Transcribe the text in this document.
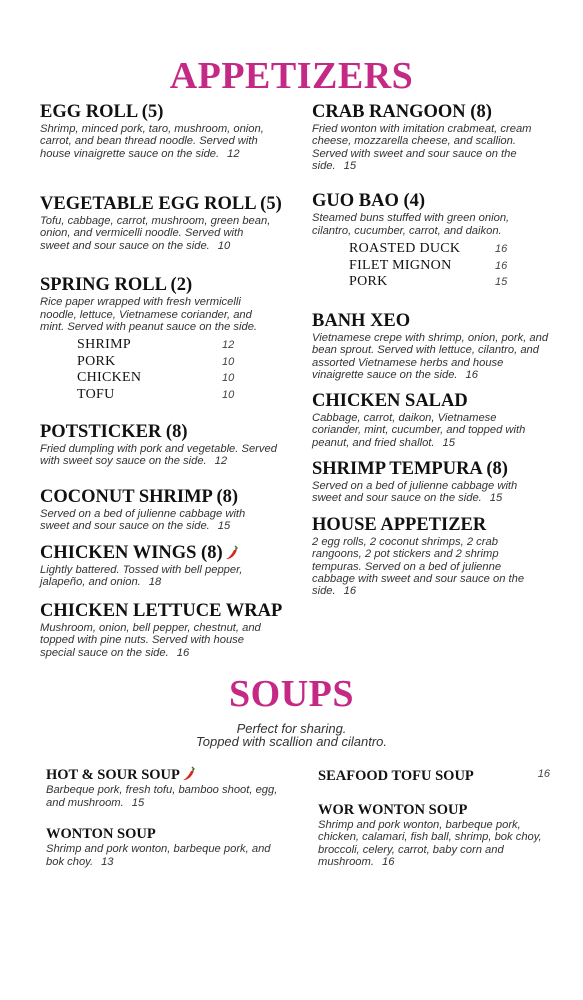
APPETIZERS
EGG ROLL (5)
Shrimp, minced pork, taro, mushroom, onion, carrot, and bean thread noodle. Served with house vinaigrette sauce on the side. 12
VEGETABLE EGG ROLL (5)
Tofu, cabbage, carrot, mushroom, green bean, onion, and vermicelli noodle. Served with sweet and sour sauce on the side. 10
SPRING ROLL (2)
Rice paper wrapped with fresh vermicelli noodle, lettuce, Vietnamese coriander, and mint. Served with peanut sauce on the side.
SHRIMP	12
PORK	10
CHICKEN	10
TOFU	10
POTSTICKER (8)
Fried dumpling with pork and vegetable. Served with sweet soy sauce on the side. 12
COCONUT SHRIMP (8)
Served on a bed of julienne cabbage with sweet and sour sauce on the side. 15
CHICKEN WINGS (8)
Lightly battered. Tossed with bell pepper, jalapeño, and onion. 18
CHICKEN LETTUCE WRAP
Mushroom, onion, bell pepper, chestnut, and topped with pine nuts. Served with house special sauce on the side. 16
CRAB RANGOON (8)
Fried wonton with imitation crabmeat, cream cheese, mozzarella cheese, and scallion. Served with sweet and sour sauce on the side. 15
GUO BAO (4)
Steamed buns stuffed with green onion, cilantro, cucumber, carrot, and daikon.
ROASTED DUCK	16
FILET MIGNON	16
PORK	15
BANH XEO
Vietnamese crepe with shrimp, onion, pork, and bean sprout. Served with lettuce, cilantro, and assorted Vietnamese herbs and house vinaigrette sauce on the side. 16
CHICKEN SALAD
Cabbage, carrot, daikon, Vietnamese coriander, mint, cucumber, and topped with peanut, and fried shallot. 15
SHRIMP TEMPURA (8)
Served on a bed of julienne cabbage with sweet and sour sauce on the side. 15
HOUSE APPETIZER
2 egg rolls, 2 coconut shrimps, 2 crab rangoons, 2 pot stickers and 2 shrimp tempuras. Served on a bed of julienne cabbage with sweet and sour sauce on the side. 16
SOUPS
Perfect for sharing.
Topped with scallion and cilantro.
HOT & SOUR SOUP
Barbeque pork, fresh tofu, bamboo shoot, egg, and mushroom. 15
WONTON SOUP
Shrimp and pork wonton, barbeque pork, and bok choy. 13
SEAFOOD TOFU SOUP	16
WOR WONTON SOUP
Shrimp and pork wonton, barbeque pork, chicken, calamari, fish ball, shrimp, bok choy, broccoli, celery, carrot, baby corn and mushroom. 16
